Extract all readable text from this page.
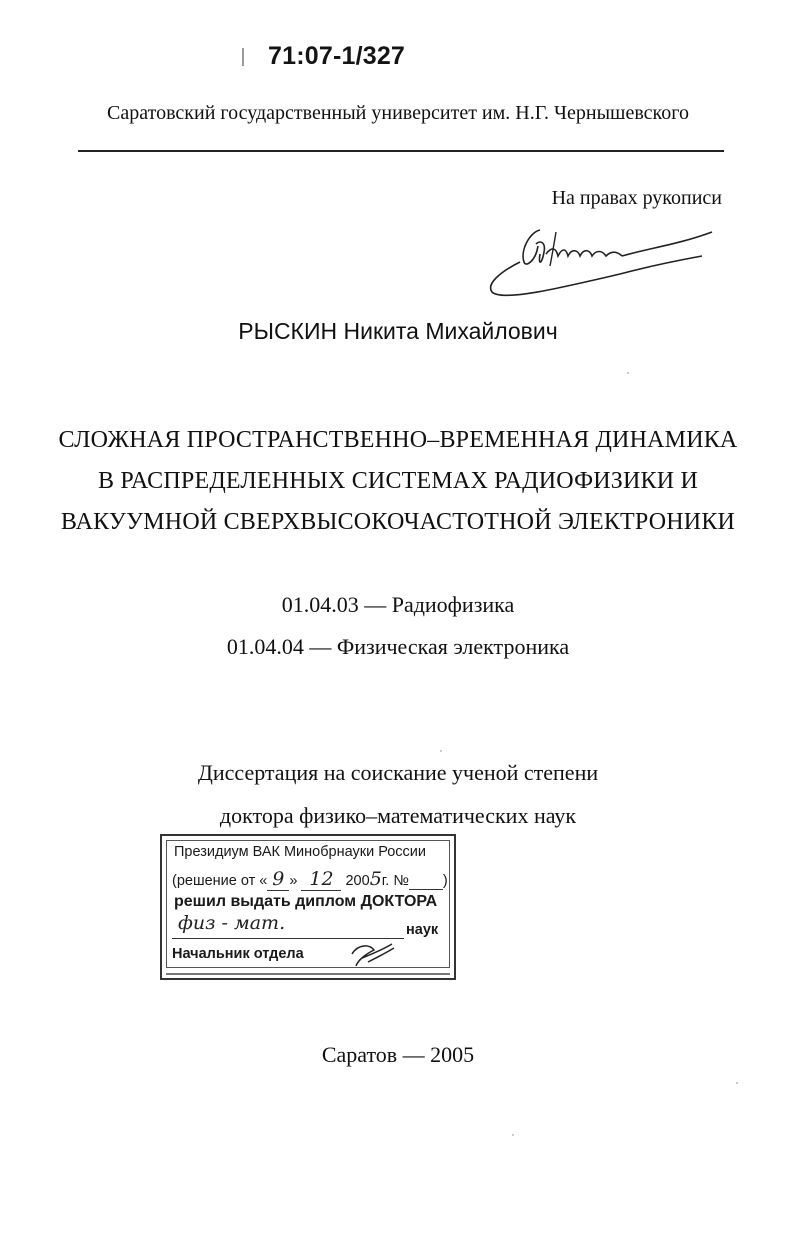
71:07-1/327
Саратовский государственный университет им. Н.Г. Чернышевского
На правах рукописи
РЫСКИН Никита Михайлович
СЛОЖНАЯ ПРОСТРАНСТВЕННО–ВРЕМЕННАЯ ДИНАМИКА
В РАСПРЕДЕЛЕННЫХ СИСТЕМАХ РАДИОФИЗИКИ И
ВАКУУМНОЙ СВЕРХВЫСОКОЧАСТОТНОЙ ЭЛЕКТРОНИКИ
01.04.03 — Радиофизика
01.04.04 — Физическая электроника
Диссертация на соискание ученой степени
доктора физико–математических наук
Президиум ВАК Минобрнауки России
(решение от « 9 » 12 2005г. № )
решил выдать диплом ДОКТОРА
физ - мат.	наук
Начальник отдела
Саратов — 2005
